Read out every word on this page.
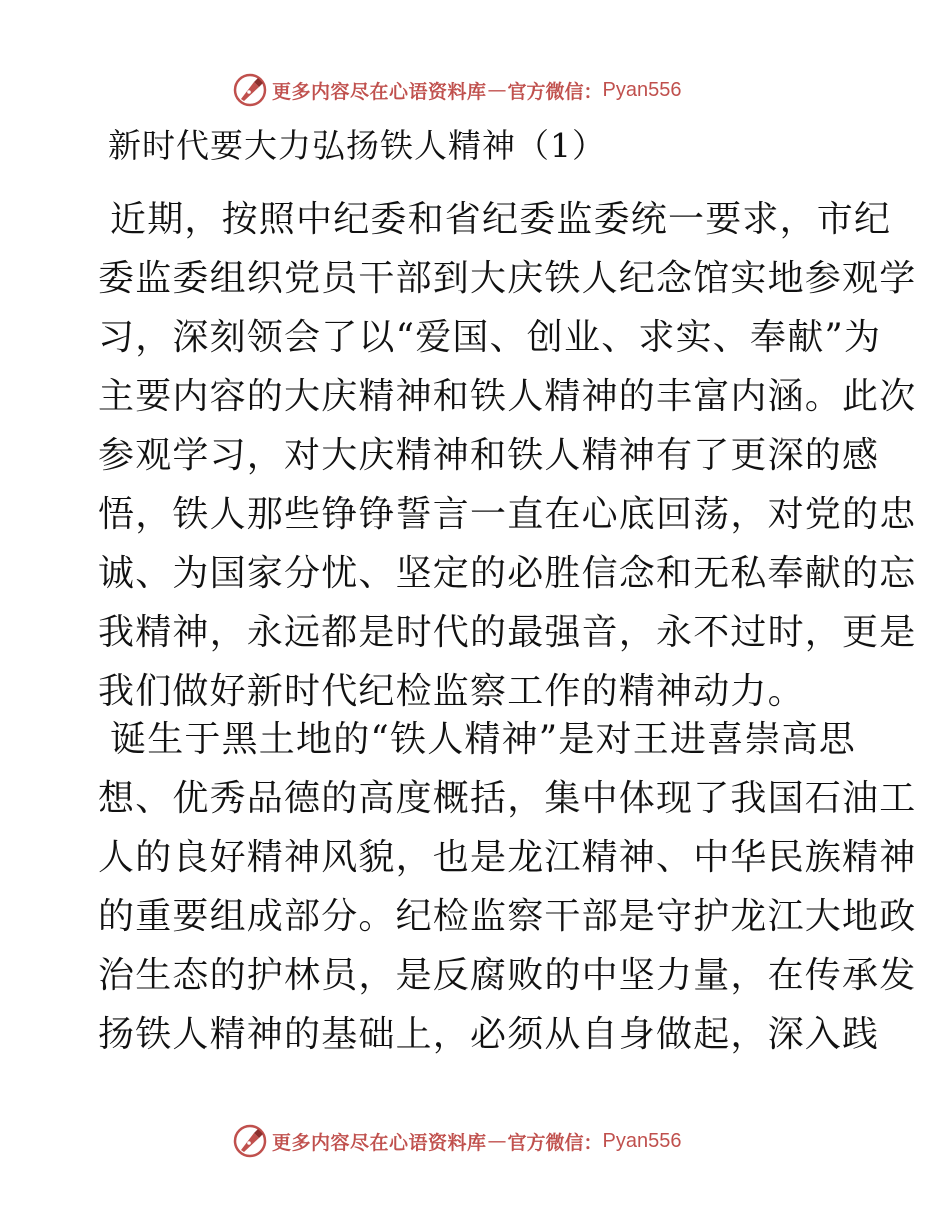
更多内容尽在心语资料库 — 官方微信： Pyan556
新时代要大力弘扬铁人精神（1）
近期，按照中纪委和省纪委监委统一要求，市纪
委监委组织党员干部到大庆铁人纪念馆实地参观学
习，深刻领会了以“爱国、创业、求实、奉献”为
主要内容的大庆精神和铁人精神的丰富内涵。此次
参观学习，对大庆精神和铁人精神有了更深的感
悟，铁人那些铮铮誓言一直在心底回荡，对党的忠
诚、为国家分忧、坚定的必胜信念和无私奉献的忘
我精神，永远都是时代的最强音，永不过时，更是
我们做好新时代纪检监察工作的精神动力。
诞生于黑土地的“铁人精神”是对王进喜崇高思
想、优秀品德的高度概括，集中体现了我国石油工
人的良好精神风貌，也是龙江精神、中华民族精神
的重要组成部分。纪检监察干部是守护龙江大地政
治生态的护林员，是反腐败的中坚力量，在传承发
扬铁人精神的基础上，必须从自身做起，深入践
更多内容尽在心语资料库 — 官方微信： Pyan556
